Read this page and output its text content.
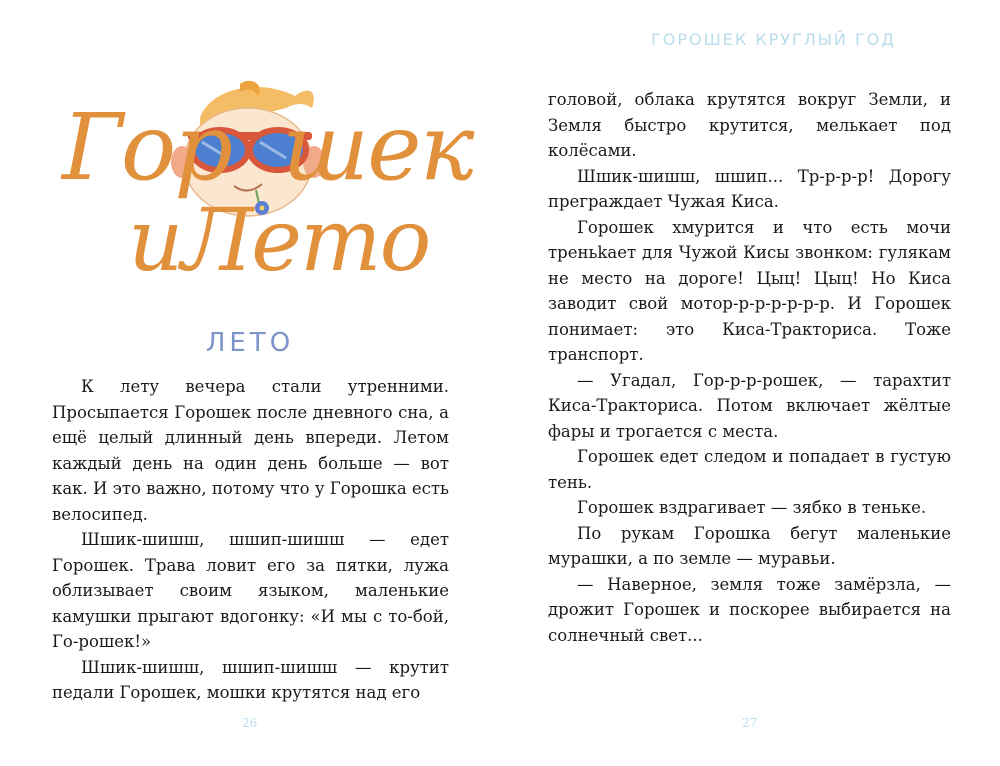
Гор шек
иЛето
ЛЕТО

К лету вечера стали утренними. Просыпается Горошек после дневного сна, а ещё целый длинный день впереди. Летом каждый день на один день больше — вот как. И это важно, потому что у Горошка есть велосипед.

Шшик-шишш, шшип-шишш — едет Горошек. Трава ловит его за пятки, лужа облизывает своим языком, маленькие камушки прыгают вдогонку: «И мы с то-бой, Го-рошек!»

Шшик-шишш, шшип-шишш — крутит педали Горошек, мошки крутятся над его

26
ГОРОШЕК КРУГЛЫЙ ГОД

головой, облака крутятся вокруг Земли, и Земля быстро крутится, мелькает под колёсами.

Шшик-шишш, шшип... Тр-р-р-р! Дорогу преграждает Чужая Киса.

Горошек хмурится и что есть мочи треньkает для Чужой Кисы звонком: гулякам не место на дороге! Цыц! Цыц! Но Киса заводит свой мотор-р-р-р-р-р-р. И Горошек понимает: это Киса-Тракториса. Тоже транспорт.

— Угадал, Гор-р-р-рошек, — тарахтит Киса-Тракториса. Потом включает жёлтые фары и трогается с места.

Горошек едет следом и попадает в густую тень.

Горошек вздрагивает — зябко в теньке.

По рукам Горошка бегут маленькие мурашки, а по земле — муравьи.

— Наверное, земля тоже замёрзла, — дрожит Горошек и поскорее выбирается на солнечный свет...

27
